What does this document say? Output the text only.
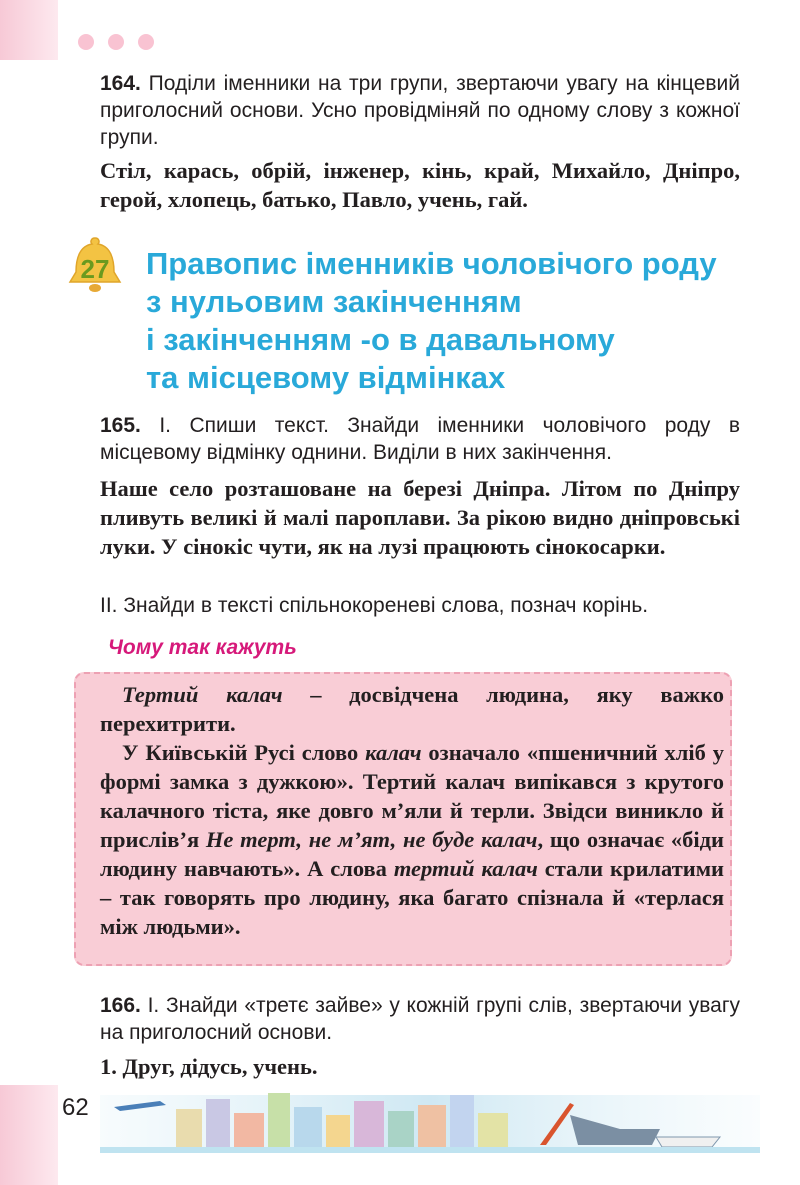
164. Поділи іменники на три групи, звертаючи увагу на кінцевий приголосний основи. Усно провідміняй по одному слову з кожної групи.
Стіл, карась, обрій, інженер, кінь, край, Михайло, Дніпро, герой, хлопець, батько, Павло, учень, гай.
27	Правопис іменників чоловічого роду
з нульовим закінченням
і закінченням -о в давальному
та місцевому відмінках
165. І. Спиши текст. Знайди іменники чоловічого роду в місцевому відмінку однини. Виділи в них закінчення.
Наше село розташоване на березі Дніпра. Літом по Дніпру пливуть великі й малі пароплави. За рікою видно дніпровські луки. У сінокіс чути, як на лузі працюють сінокосарки.
ІІ. Знайди в тексті спільнокореневі слова, познач корінь.
Чому так кажуть

Тертий калач – досвідчена людина, яку важко перехитрити.

У Київській Русі слово калач означало «пшеничний хліб у формі замка з дужкою». Тертий калач випікався з крутого калачного тіста, яке довго м’яли й терли. Звідси виникло й прислів’я Не терт, не м’ят, не буде калач, що означає «біди людину навчають». А слова тертий калач стали крилатими – так говорять про людину, яка багато спізнала й «терлася між людьми».

166. І. Знайди «третє зайве» у кожній групі слів, звертаючи увагу на приголосний основи.
1. Друг, дідусь, учень.
62
